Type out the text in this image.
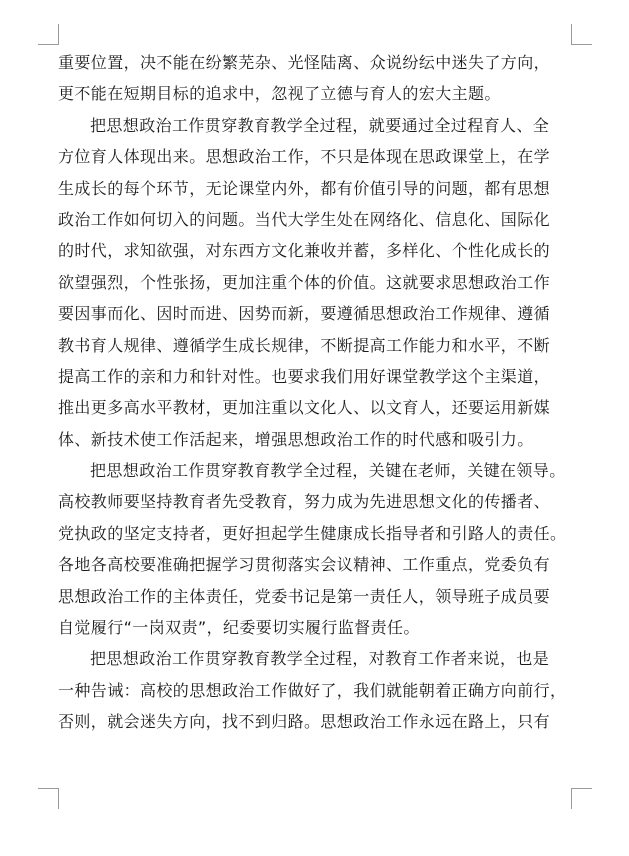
重要位置，决不能在纷繁芜杂、光怪陆离、众说纷纭中迷失了方向，
更不能在短期目标的追求中，忽视了立德与育人的宏大主题。
把思想政治工作贯穿教育教学全过程，就要通过全过程育人、全
方位育人体现出来。思想政治工作，不只是体现在思政课堂上，在学
生成长的每个环节，无论课堂内外，都有价值引导的问题，都有思想
政治工作如何切入的问题。当代大学生处在网络化、信息化、国际化
的时代，求知欲强，对东西方文化兼收并蓄，多样化、个性化成长的
欲望强烈，个性张扬，更加注重个体的价值。这就要求思想政治工作
要因事而化、因时而进、因势而新，要遵循思想政治工作规律、遵循
教书育人规律、遵循学生成长规律，不断提高工作能力和水平，不断
提高工作的亲和力和针对性。也要求我们用好课堂教学这个主渠道，
推出更多高水平教材，更加注重以文化人、以文育人，还要运用新媒
体、新技术使工作活起来，增强思想政治工作的时代感和吸引力。
把思想政治工作贯穿教育教学全过程，关键在老师，关键在领导。
高校教师要坚持教育者先受教育，努力成为先进思想文化的传播者、
党执政的坚定支持者，更好担起学生健康成长指导者和引路人的责任。
各地各高校要准确把握学习贯彻落实会议精神、工作重点，党委负有
思想政治工作的主体责任，党委书记是第一责任人，领导班子成员要
自觉履行“一岗双责”，纪委要切实履行监督责任。
把思想政治工作贯穿教育教学全过程，对教育工作者来说，也是
一种告诫：高校的思想政治工作做好了，我们就能朝着正确方向前行，
否则，就会迷失方向，找不到归路。思想政治工作永远在路上，只有
